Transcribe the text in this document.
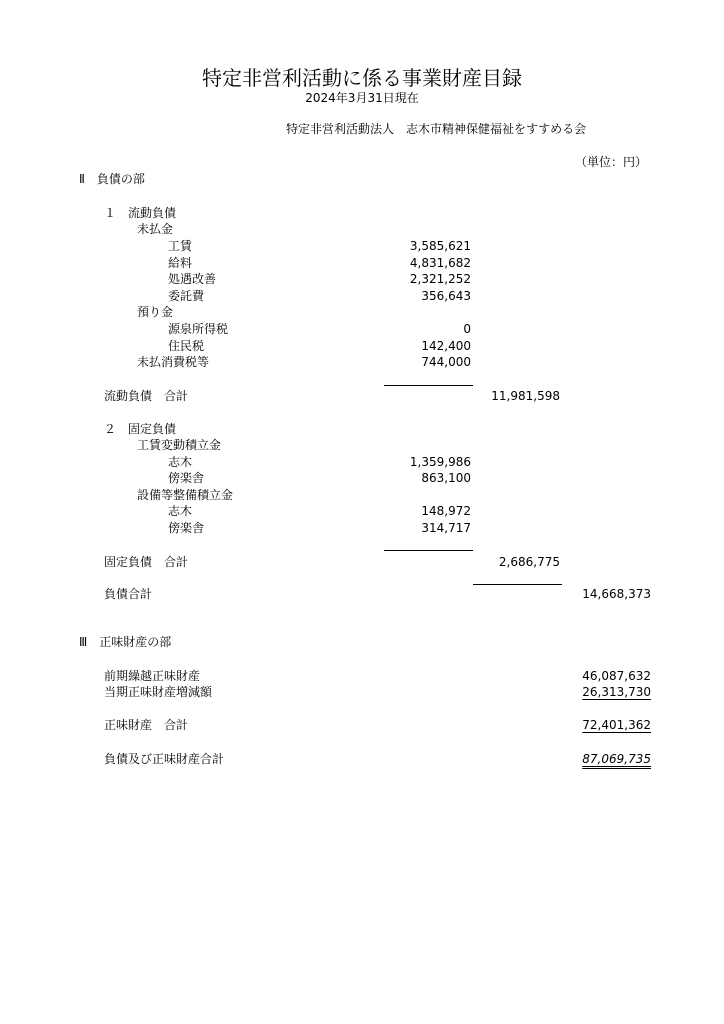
特定非営利活動に係る事業財産目録
2024年3月31日現在
特定非営利活動法人　志木市精神保健福祉をすすめる会
（単位：円）
Ⅱ　負債の部
１　流動負債
未払金
工賃	3,585,621
給料	4,831,682
処遇改善	2,321,252
委託費	356,643
預り金
源泉所得税	0
住民税	142,400
未払消費税等	744,000
流動負債　合計	11,981,598
２　固定負債
工賃変動積立金
志木	1,359,986
傍楽舎	863,100
設備等整備積立金
志木	148,972
傍楽舎	314,717
固定負債　合計	2,686,775
負債合計	14,668,373
Ⅲ　正味財産の部
前期繰越正味財産	46,087,632
当期正味財産増減額	26,313,730
正味財産　合計	72,401,362
負債及び正味財産合計	87,069,735
